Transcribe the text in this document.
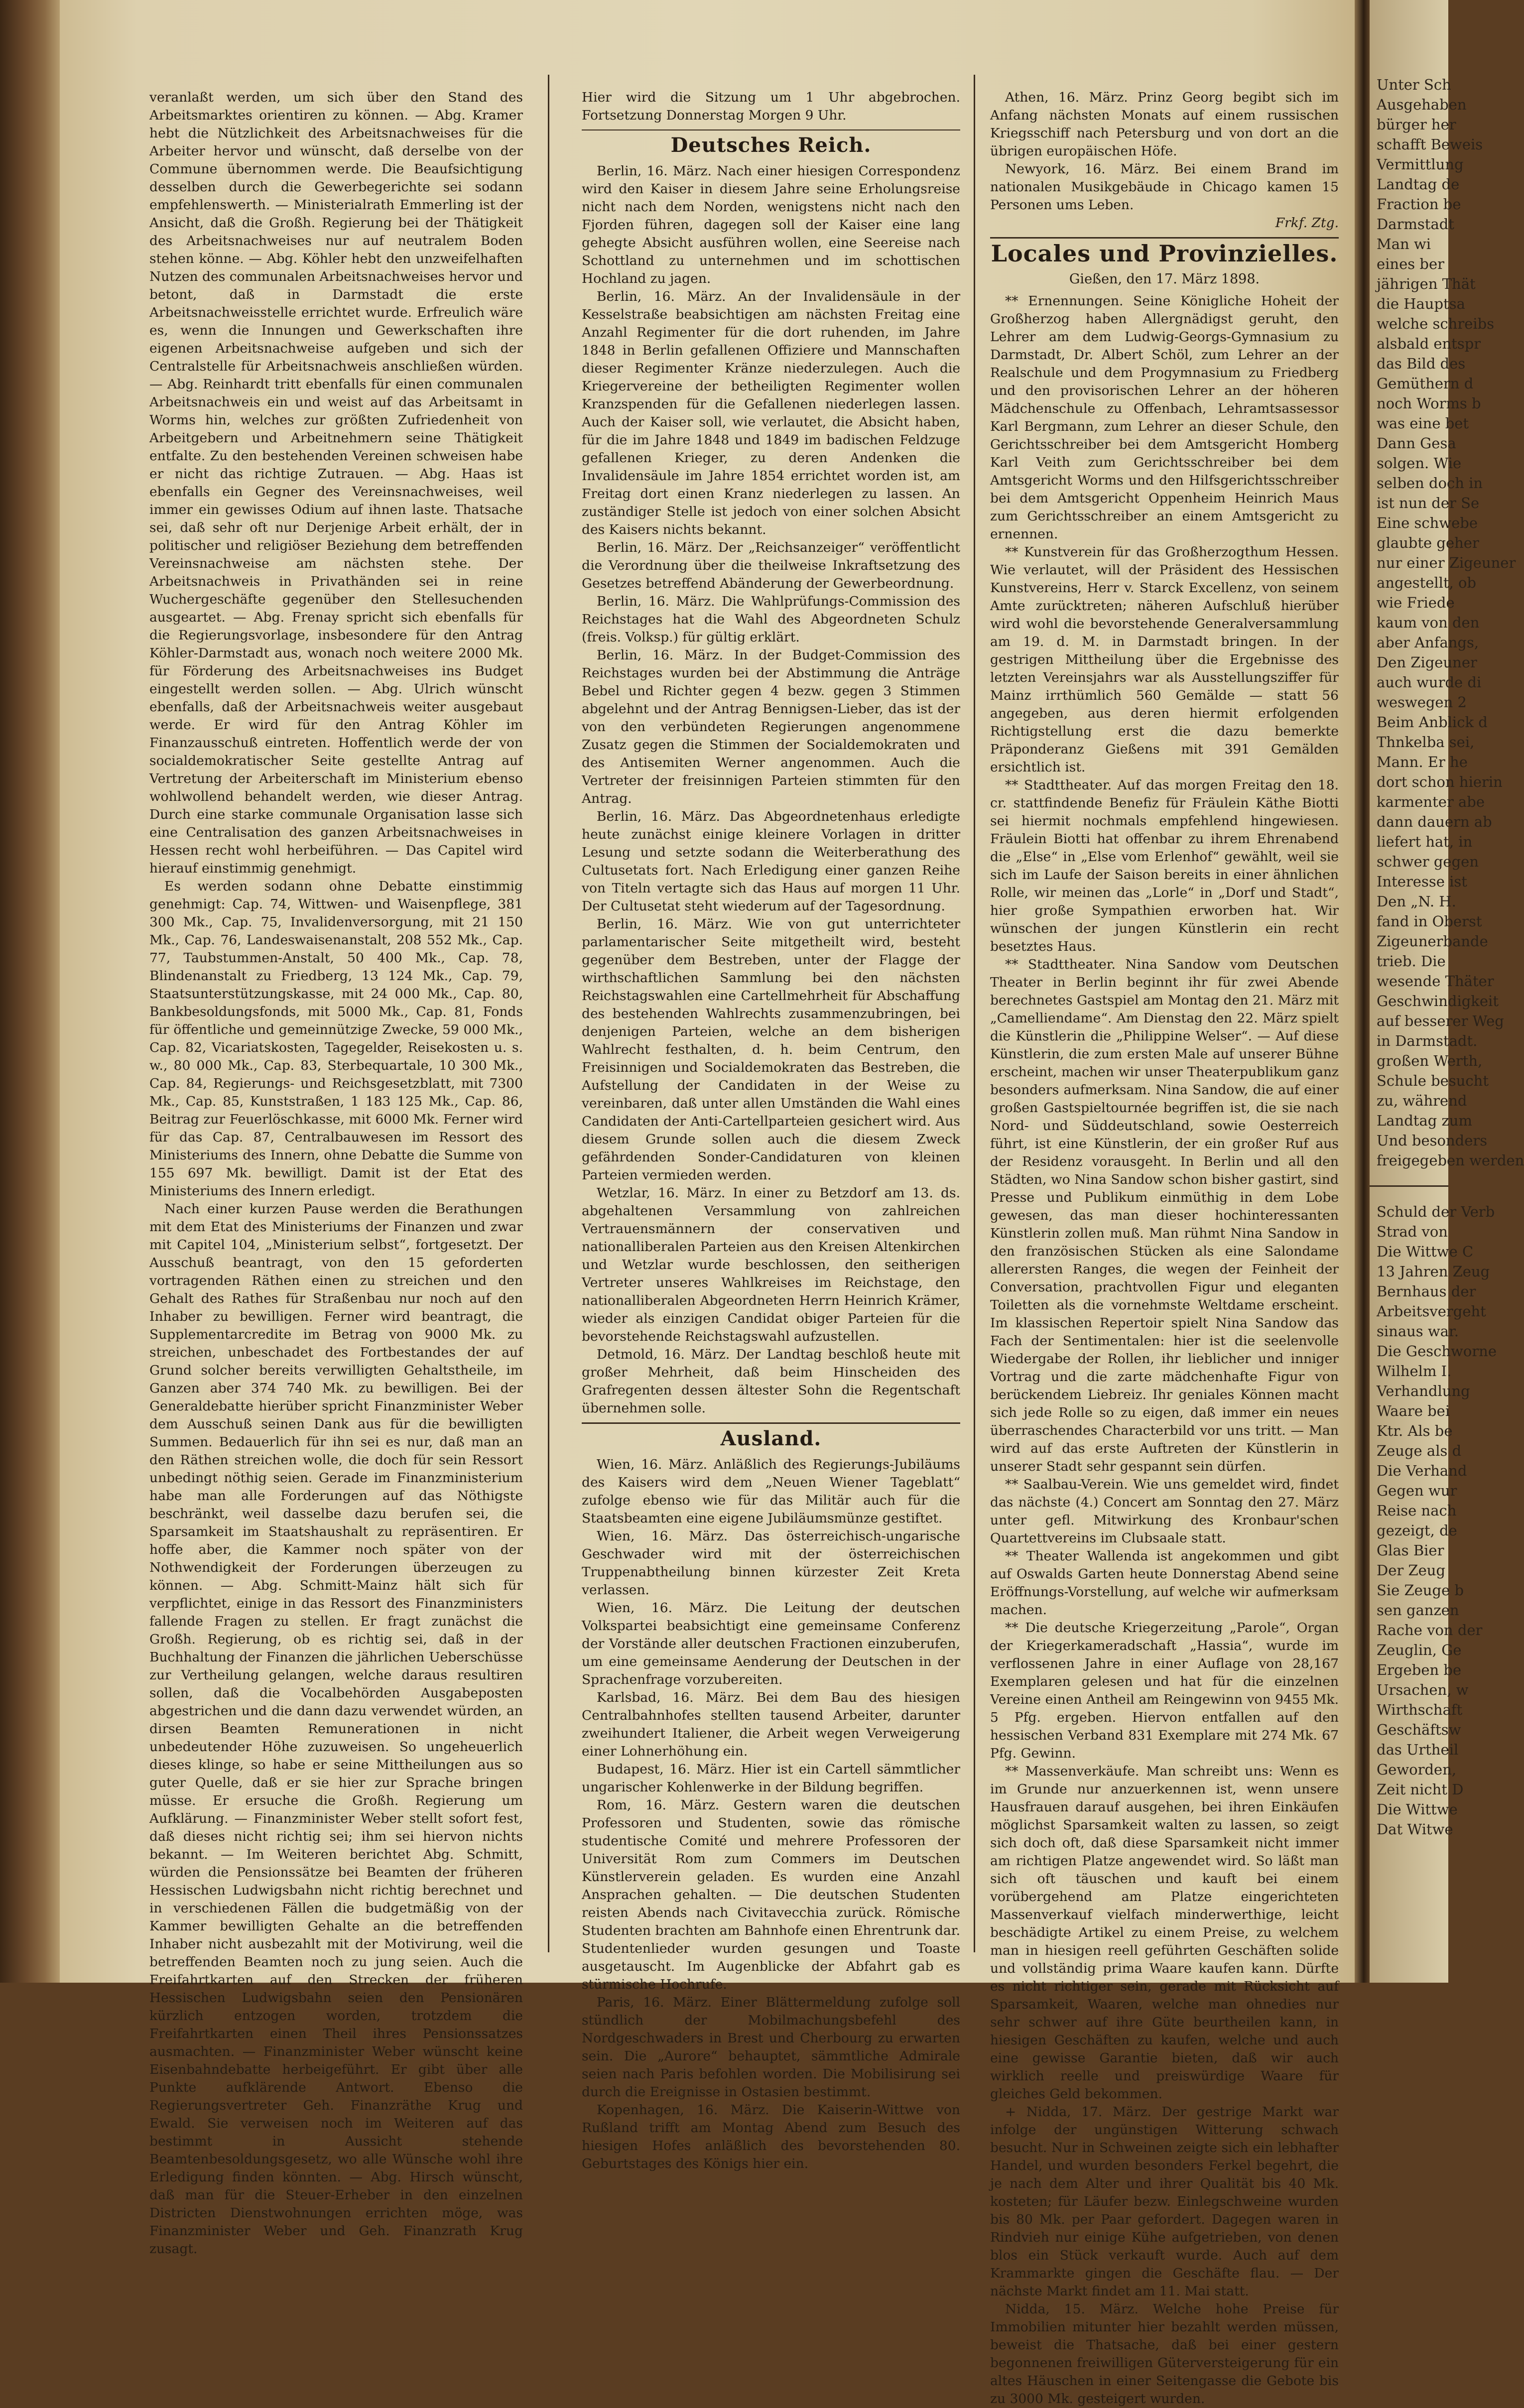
veranlaßt werden, um sich über den Stand des Arbeitsmarktes orientiren zu können. — Abg. Kramer hebt die Nützlichkeit des Arbeitsnachweises für die Arbeiter hervor und wünscht, daß derselbe von der Commune übernommen werde. Die Beaufsichtigung desselben durch die Gewerbegerichte sei sodann empfehlenswerth. — Ministerialrath Emmerling ist der Ansicht, daß die Großh. Regierung bei der Thätigkeit des Arbeitsnachweises nur auf neutralem Boden stehen könne. — Abg. Köhler hebt den unzweifelhaften Nutzen des communalen Arbeitsnachweises hervor und betont, daß in Darmstadt die erste Arbeitsnachweisstelle errichtet wurde. Erfreulich wäre es, wenn die Innungen und Gewerkschaften ihre eigenen Arbeitsnachweise aufgeben und sich der Centralstelle für Arbeitsnachweis anschließen würden. — Abg. Reinhardt tritt ebenfalls für einen communalen Arbeitsnachweis ein und weist auf das Arbeitsamt in Worms hin, welches zur größten Zufriedenheit von Arbeitgebern und Arbeitnehmern seine Thätigkeit entfalte. Zu den bestehenden Vereinen schweisen habe er nicht das richtige Zutrauen. — Abg. Haas ist ebenfalls ein Gegner des Vereinsnachweises, weil immer ein gewisses Odium auf ihnen laste. Thatsache sei, daß sehr oft nur Derjenige Arbeit erhält, der in politischer und religiöser Beziehung dem betreffenden Vereinsnachweise am nächsten stehe. Der Arbeitsnachweis in Privathänden sei in reine Wuchergeschäfte gegenüber den Stellesuchenden ausgeartet. — Abg. Frenay spricht sich ebenfalls für die Regierungsvorlage, insbesondere für den Antrag Köhler-Darmstadt aus, wonach noch weitere 2000 Mk. für Förderung des Arbeitsnachweises ins Budget eingestellt werden sollen. — Abg. Ulrich wünscht ebenfalls, daß der Arbeitsnachweis weiter ausgebaut werde. Er wird für den Antrag Köhler im Finanzausschuß eintreten. Hoffentlich werde der von socialdemokratischer Seite gestellte Antrag auf Vertretung der Arbeiterschaft im Ministerium ebenso wohlwollend behandelt werden, wie dieser Antrag. Durch eine starke communale Organisation lasse sich eine Centralisation des ganzen Arbeitsnachweises in Hessen recht wohl herbeiführen. — Das Capitel wird hierauf einstimmig genehmigt.

Es werden sodann ohne Debatte einstimmig genehmigt: Cap. 74, Wittwen- und Waisenpflege, 381 300 Mk., Cap. 75, Invalidenversorgung, mit 21 150 Mk., Cap. 76, Landeswaisenanstalt, 208 552 Mk., Cap. 77, Taubstummen-Anstalt, 50 400 Mk., Cap. 78, Blindenanstalt zu Friedberg, 13 124 Mk., Cap. 79, Staatsunterstützungskasse, mit 24 000 Mk., Cap. 80, Bankbesoldungsfonds, mit 5000 Mk., Cap. 81, Fonds für öffentliche und gemeinnützige Zwecke, 59 000 Mk., Cap. 82, Vicariatskosten, Tagegelder, Reisekosten u. s. w., 80 000 Mk., Cap. 83, Sterbequartale, 10 300 Mk., Cap. 84, Regierungs- und Reichsgesetzblatt, mit 7300 Mk., Cap. 85, Kunststraßen, 1 183 125 Mk., Cap. 86, Beitrag zur Feuerlöschkasse, mit 6000 Mk. Ferner wird für das Cap. 87, Centralbauwesen im Ressort des Ministeriums des Innern, ohne Debatte die Summe von 155 697 Mk. bewilligt. Damit ist der Etat des Ministeriums des Innern erledigt.

Nach einer kurzen Pause werden die Berathungen mit dem Etat des Ministeriums der Finanzen und zwar mit Capitel 104, „Ministerium selbst“, fortgesetzt. Der Ausschuß beantragt, von den 15 geforderten vortragenden Räthen einen zu streichen und den Gehalt des Rathes für Straßenbau nur noch auf den Inhaber zu bewilligen. Ferner wird beantragt, die Supplementarcredite im Betrag von 9000 Mk. zu streichen, unbeschadet des Fortbestandes der auf Grund solcher bereits verwilligten Gehaltstheile, im Ganzen aber 374 740 Mk. zu bewilligen. Bei der Generaldebatte hierüber spricht Finanzminister Weber dem Ausschuß seinen Dank aus für die bewilligten Summen. Bedauerlich für ihn sei es nur, daß man an den Räthen streichen wolle, die doch für sein Ressort unbedingt nöthig seien. Gerade im Finanzministerium habe man alle Forderungen auf das Nöthigste beschränkt, weil dasselbe dazu berufen sei, die Sparsamkeit im Staatshaushalt zu repräsentiren. Er hoffe aber, die Kammer noch später von der Nothwendigkeit der Forderungen überzeugen zu können. — Abg. Schmitt-Mainz hält sich für verpflichtet, einige in das Ressort des Finanzministers fallende Fragen zu stellen. Er fragt zunächst die Großh. Regierung, ob es richtig sei, daß in der Buchhaltung der Finanzen die jährlichen Ueberschüsse zur Vertheilung gelangen, welche daraus resultiren sollen, daß die Vocalbehörden Ausgabeposten abgestrichen und die dann dazu verwendet würden, an dirsen Beamten Remunerationen in nicht unbedeutender Höhe zuzuweisen. So ungeheuerlich dieses klinge, so habe er seine Mittheilungen aus so guter Quelle, daß er sie hier zur Sprache bringen müsse. Er ersuche die Großh. Regierung um Aufklärung. — Finanzminister Weber stellt sofort fest, daß dieses nicht richtig sei; ihm sei hiervon nichts bekannt. — Im Weiteren berichtet Abg. Schmitt, würden die Pensionssätze bei Beamten der früheren Hessischen Ludwigsbahn nicht richtig berechnet und in verschiedenen Fällen die budgetmäßig von der Kammer bewilligten Gehalte an die betreffenden Inhaber nicht ausbezahlt mit der Motivirung, weil die betreffenden Beamten noch zu jung seien. Auch die Freifahrtkarten auf den Strecken der früheren Hessischen Ludwigsbahn seien den Pensionären kürzlich entzogen worden, trotzdem die Freifahrtkarten einen Theil ihres Pensionssatzes ausmachten. — Finanzminister Weber wünscht keine Eisenbahndebatte herbeigeführt. Er gibt über alle Punkte aufklärende Antwort. Ebenso die Regierungsvertreter Geh. Finanzräthe Krug und Ewald. Sie verweisen noch im Weiteren auf das bestimmt in Aussicht stehende Beamtenbesoldungsgesetz, wo alle Wünsche wohl ihre Erledigung finden könnten. — Abg. Hirsch wünscht, daß man für die Steuer-Erheber in den einzelnen Districten Dienstwohnungen errichten möge, was Finanzminister Weber und Geh. Finanzrath Krug zusagt.

Hier wird die Sitzung um 1 Uhr abgebrochen. Fortsetzung Donnerstag Morgen 9 Uhr.

Deutsches Reich.

Berlin, 16. März. Nach einer hiesigen Correspondenz wird den Kaiser in diesem Jahre seine Erholungsreise nicht nach dem Norden, wenigstens nicht nach den Fjorden führen, dagegen soll der Kaiser eine lang gehegte Absicht ausführen wollen, eine Seereise nach Schottland zu unternehmen und im schottischen Hochland zu jagen.

Berlin, 16. März. An der Invalidensäule in der Kesselstraße beabsichtigen am nächsten Freitag eine Anzahl Regimenter für die dort ruhenden, im Jahre 1848 in Berlin gefallenen Offiziere und Mannschaften dieser Regimenter Kränze niederzulegen. Auch die Kriegervereine der betheiligten Regimenter wollen Kranzspenden für die Gefallenen niederlegen lassen. Auch der Kaiser soll, wie verlautet, die Absicht haben, für die im Jahre 1848 und 1849 im badischen Feldzuge gefallenen Krieger, zu deren Andenken die Invalidensäule im Jahre 1854 errichtet worden ist, am Freitag dort einen Kranz niederlegen zu lassen. An zuständiger Stelle ist jedoch von einer solchen Absicht des Kaisers nichts bekannt.

Berlin, 16. März. Der „Reichsanzeiger“ veröffentlicht die Verordnung über die theilweise Inkraftsetzung des Gesetzes betreffend Abänderung der Gewerbeordnung.

Berlin, 16. März. Die Wahlprüfungs-Commission des Reichstages hat die Wahl des Abgeordneten Schulz (freis. Volksp.) für gültig erklärt.

Berlin, 16. März. In der Budget-Commission des Reichstages wurden bei der Abstimmung die Anträge Bebel und Richter gegen 4 bezw. gegen 3 Stimmen abgelehnt und der Antrag Bennigsen-Lieber, das ist der von den verbündeten Regierungen angenommene Zusatz gegen die Stimmen der Socialdemokraten und des Antisemiten Werner angenommen. Auch die Vertreter der freisinnigen Parteien stimmten für den Antrag.

Berlin, 16. März. Das Abgeordnetenhaus erledigte heute zunächst einige kleinere Vorlagen in dritter Lesung und setzte sodann die Weiterberathung des Cultusetats fort. Nach Erledigung einer ganzen Reihe von Titeln vertagte sich das Haus auf morgen 11 Uhr. Der Cultusetat steht wiederum auf der Tagesordnung.

Berlin, 16. März. Wie von gut unterrichteter parlamentarischer Seite mitgetheilt wird, besteht gegenüber dem Bestreben, unter der Flagge der wirthschaftlichen Sammlung bei den nächsten Reichstagswahlen eine Cartellmehrheit für Abschaffung des bestehenden Wahlrechts zusammenzubringen, bei denjenigen Parteien, welche an dem bisherigen Wahlrecht festhalten, d. h. beim Centrum, den Freisinnigen und Socialdemokraten das Bestreben, die Aufstellung der Candidaten in der Weise zu vereinbaren, daß unter allen Umständen die Wahl eines Candidaten der Anti-Cartellparteien gesichert wird. Aus diesem Grunde sollen auch die diesem Zweck gefährdenden Sonder-Candidaturen von kleinen Parteien vermieden werden.

Wetzlar, 16. März. In einer zu Betzdorf am 13. ds. abgehaltenen Versammlung von zahlreichen Vertrauensmännern der conservativen und nationalliberalen Parteien aus den Kreisen Altenkirchen und Wetzlar wurde beschlossen, den seitherigen Vertreter unseres Wahlkreises im Reichstage, den nationalliberalen Abgeordneten Herrn Heinrich Krämer, wieder als einzigen Candidat obiger Parteien für die bevorstehende Reichstagswahl aufzustellen.

Detmold, 16. März. Der Landtag beschloß heute mit großer Mehrheit, daß beim Hinscheiden des Grafregenten dessen ältester Sohn die Regentschaft übernehmen solle.

Ausland.

Wien, 16. März. Anläßlich des Regierungs-Jubiläums des Kaisers wird dem „Neuen Wiener Tageblatt“ zufolge ebenso wie für das Militär auch für die Staatsbeamten eine eigene Jubiläumsmünze gestiftet.

Wien, 16. März. Das österreichisch-ungarische Geschwader wird mit der österreichischen Truppenabtheilung binnen kürzester Zeit Kreta verlassen.

Wien, 16. März. Die Leitung der deutschen Volkspartei beabsichtigt eine gemeinsame Conferenz der Vorstände aller deutschen Fractionen einzuberufen, um eine gemeinsame Aenderung der Deutschen in der Sprachenfrage vorzubereiten.

Karlsbad, 16. März. Bei dem Bau des hiesigen Centralbahnhofes stellten tausend Arbeiter, darunter zweihundert Italiener, die Arbeit wegen Verweigerung einer Lohnerhöhung ein.

Budapest, 16. März. Hier ist ein Cartell sämmtlicher ungarischer Kohlenwerke in der Bildung begriffen.

Rom, 16. März. Gestern waren die deutschen Professoren und Studenten, sowie das römische studentische Comité und mehrere Professoren der Universität Rom zum Commers im Deutschen Künstlerverein geladen. Es wurden eine Anzahl Ansprachen gehalten. — Die deutschen Studenten reisten Abends nach Civitavecchia zurück. Römische Studenten brachten am Bahnhofe einen Ehrentrunk dar. Studentenlieder wurden gesungen und Toaste ausgetauscht. Im Augenblicke der Abfahrt gab es stürmische Hochrufe.

Paris, 16. März. Einer Blättermeldung zufolge soll stündlich der Mobilmachungsbefehl des Nordgeschwaders in Brest und Cherbourg zu erwarten sein. Die „Aurore“ behauptet, sämmtliche Admirale seien nach Paris befohlen worden. Die Mobilisirung sei durch die Ereignisse in Ostasien bestimmt.

Kopenhagen, 16. März. Die Kaiserin-Wittwe von Rußland trifft am Montag Abend zum Besuch des hiesigen Hofes anläßlich des bevorstehenden 80. Geburtstages des Königs hier ein.

Athen, 16. März. Prinz Georg begibt sich im Anfang nächsten Monats auf einem russischen Kriegsschiff nach Petersburg und von dort an die übrigen europäischen Höfe.

Newyork, 16. März. Bei einem Brand im nationalen Musikgebäude in Chicago kamen 15 Personen ums Leben.

Frkf. Ztg.
Locales und Provinzielles.
Gießen, den 17. März 1898.

** Ernennungen. Seine Königliche Hoheit der Großherzog haben Allergnädigst geruht, den Lehrer am dem Ludwig-Georgs-Gymnasium zu Darmstadt, Dr. Albert Schöl, zum Lehrer an der Realschule und dem Progymnasium zu Friedberg und den provisorischen Lehrer an der höheren Mädchenschule zu Offenbach, Lehramtsassessor Karl Bergmann, zum Lehrer an dieser Schule, den Gerichtsschreiber bei dem Amtsgericht Homberg Karl Veith zum Gerichtsschreiber bei dem Amtsgericht Worms und den Hilfsgerichtsschreiber bei dem Amtsgericht Oppenheim Heinrich Maus zum Gerichtsschreiber an einem Amtsgericht zu ernennen.

** Kunstverein für das Großherzogthum Hessen. Wie verlautet, will der Präsident des Hessischen Kunstvereins, Herr v. Starck Excellenz, von seinem Amte zurücktreten; näheren Aufschluß hierüber wird wohl die bevorstehende Generalversammlung am 19. d. M. in Darmstadt bringen. In der gestrigen Mittheilung über die Ergebnisse des letzten Vereinsjahrs war als Ausstellungsziffer für Mainz irrthümlich 560 Gemälde — statt 56 angegeben, aus deren hiermit erfolgenden Richtigstellung erst die dazu bemerkte Präponderanz Gießens mit 391 Gemälden ersichtlich ist.

** Stadttheater. Auf das morgen Freitag den 18. cr. stattfindende Benefiz für Fräulein Käthe Biotti sei hiermit nochmals empfehlend hingewiesen. Fräulein Biotti hat offenbar zu ihrem Ehrenabend die „Else“ in „Else vom Erlenhof“ gewählt, weil sie sich im Laufe der Saison bereits in einer ähnlichen Rolle, wir meinen das „Lorle“ in „Dorf und Stadt“, hier große Sympathien erworben hat. Wir wünschen der jungen Künstlerin ein recht besetztes Haus.

** Stadttheater. Nina Sandow vom Deutschen Theater in Berlin beginnt ihr für zwei Abende berechnetes Gastspiel am Montag den 21. März mit „Camelliendame“. Am Dienstag den 22. März spielt die Künstlerin die „Philippine Welser“. — Auf diese Künstlerin, die zum ersten Male auf unserer Bühne erscheint, machen wir unser Theaterpublikum ganz besonders aufmerksam. Nina Sandow, die auf einer großen Gastspieltournée begriffen ist, die sie nach Nord- und Süddeutschland, sowie Oesterreich führt, ist eine Künstlerin, der ein großer Ruf aus der Residenz vorausgeht. In Berlin und all den Städten, wo Nina Sandow schon bisher gastirt, sind Presse und Publikum einmüthig in dem Lobe gewesen, das man dieser hochinteressanten Künstlerin zollen muß. Man rühmt Nina Sandow in den französischen Stücken als eine Salondame allerersten Ranges, die wegen der Feinheit der Conversation, prachtvollen Figur und eleganten Toiletten als die vornehmste Weltdame erscheint. Im klassischen Repertoir spielt Nina Sandow das Fach der Sentimentalen: hier ist die seelenvolle Wiedergabe der Rollen, ihr lieblicher und inniger Vortrag und die zarte mädchenhafte Figur von berückendem Liebreiz. Ihr geniales Können macht sich jede Rolle so zu eigen, daß immer ein neues überraschendes Characterbild vor uns tritt. — Man wird auf das erste Auftreten der Künstlerin in unserer Stadt sehr gespannt sein dürfen.

** Saalbau-Verein. Wie uns gemeldet wird, findet das nächste (4.) Concert am Sonntag den 27. März unter gefl. Mitwirkung des Kronbaur'schen Quartettvereins im Clubsaale statt.

** Theater Wallenda ist angekommen und gibt auf Oswalds Garten heute Donnerstag Abend seine Eröffnungs-Vorstellung, auf welche wir aufmerksam machen.

** Die deutsche Kriegerzeitung „Parole“, Organ der Kriegerkameradschaft „Hassia“, wurde im verflossenen Jahre in einer Auflage von 28,167 Exemplaren gelesen und hat für die einzelnen Vereine einen Antheil am Reingewinn von 9455 Mk. 5 Pfg. ergeben. Hiervon entfallen auf den hessischen Verband 831 Exemplare mit 274 Mk. 67 Pfg. Gewinn.

** Massenverkäufe. Man schreibt uns: Wenn es im Grunde nur anzuerkennen ist, wenn unsere Hausfrauen darauf ausgehen, bei ihren Einkäufen möglichst Sparsamkeit walten zu lassen, so zeigt sich doch oft, daß diese Sparsamkeit nicht immer am richtigen Platze angewendet wird. So läßt man sich oft täuschen und kauft bei einem vorübergehend am Platze eingerichteten Massenverkauf vielfach minderwerthige, leicht beschädigte Artikel zu einem Preise, zu welchem man in hiesigen reell geführten Geschäften solide und vollständig prima Waare kaufen kann. Dürfte es nicht richtiger sein, gerade mit Rücksicht auf Sparsamkeit, Waaren, welche man ohnedies nur sehr schwer auf ihre Güte beurtheilen kann, in hiesigen Geschäften zu kaufen, welche und auch eine gewisse Garantie bieten, daß wir auch wirklich reelle und preiswürdige Waare für gleiches Geld bekommen.

+ Nidda, 17. März. Der gestrige Markt war infolge der ungünstigen Witterung schwach besucht. Nur in Schweinen zeigte sich ein lebhafter Handel, und wurden besonders Ferkel begehrt, die je nach dem Alter und ihrer Qualität bis 40 Mk. kosteten; für Läufer bezw. Einlegschweine wurden bis 80 Mk. per Paar gefordert. Dagegen waren in Rindvieh nur einige Kühe aufgetrieben, von denen blos ein Stück verkauft wurde. Auch auf dem Krammarkte gingen die Geschäfte flau. — Der nächste Markt findet am 11. Mai statt.

Nidda, 15. März. Welche hohe Preise für Immobilien mitunter hier bezahlt werden müssen, beweist die Thatsache, daß bei einer gestern begonnenen freiwilligen Güterversteigerung für ein altes Häuschen in einer Seitengasse die Gebote bis zu 3000 Mk. gesteigert wurden.

Unter Sch
Ausgehaben
bürger her
schafft Beweis
Vermittlung
Landtag de
Fraction be
Darmstadt
Man wi
eines ber
jährigen Thät
die Hauptsa
welche schreibs
alsbald entspr
das Bild des
Gemüthern d
noch Worms b
was eine bet
Dann Gesa
solgen. Wie
selben doch in
ist nun der Se
Eine schwebe
glaubte geher
nur einer Zigeuner
angestellt, ob
wie Friede
kaum von den
aber Anfangs,
Den Zigeuner
auch wurde di
weswegen 2
Beim Anblick d
Thnkelba sei,
Mann. Er he
dort schon hierin
karmenter abe
dann dauern ab
liefert hat, in
schwer gegen
Interesse ist
Den „N. H.
fand in Oberst
Zigeunerbande
trieb. Die
wesende Thäter
Geschwindigkeit
auf besserer Weg
in Darmstadt.
großen Werth,
Schule besucht
zu, während
Landtag zum
Und besonders
freigegeben werden
Schuld der Verb
Strad von
Die Wittwe C
13 Jahren Zeug
Bernhaus der
Arbeitsvergeht
sinaus war.
Die Geschworne
Wilhelm I.
Verhandlung
Waare bei
Ktr. Als be
Zeuge als d
Die Verhand
Gegen wur
Reise nach
gezeigt, de
Glas Bier
Der Zeug
Sie Zeuge b
sen ganzen
Rache von der
Zeuglin, Ge
Ergeben be
Ursachen, w
Wirthschaft
Geschäftsw
das Urtheil
Geworden,
Zeit nicht D
Die Wittwe
Dat Witwe
